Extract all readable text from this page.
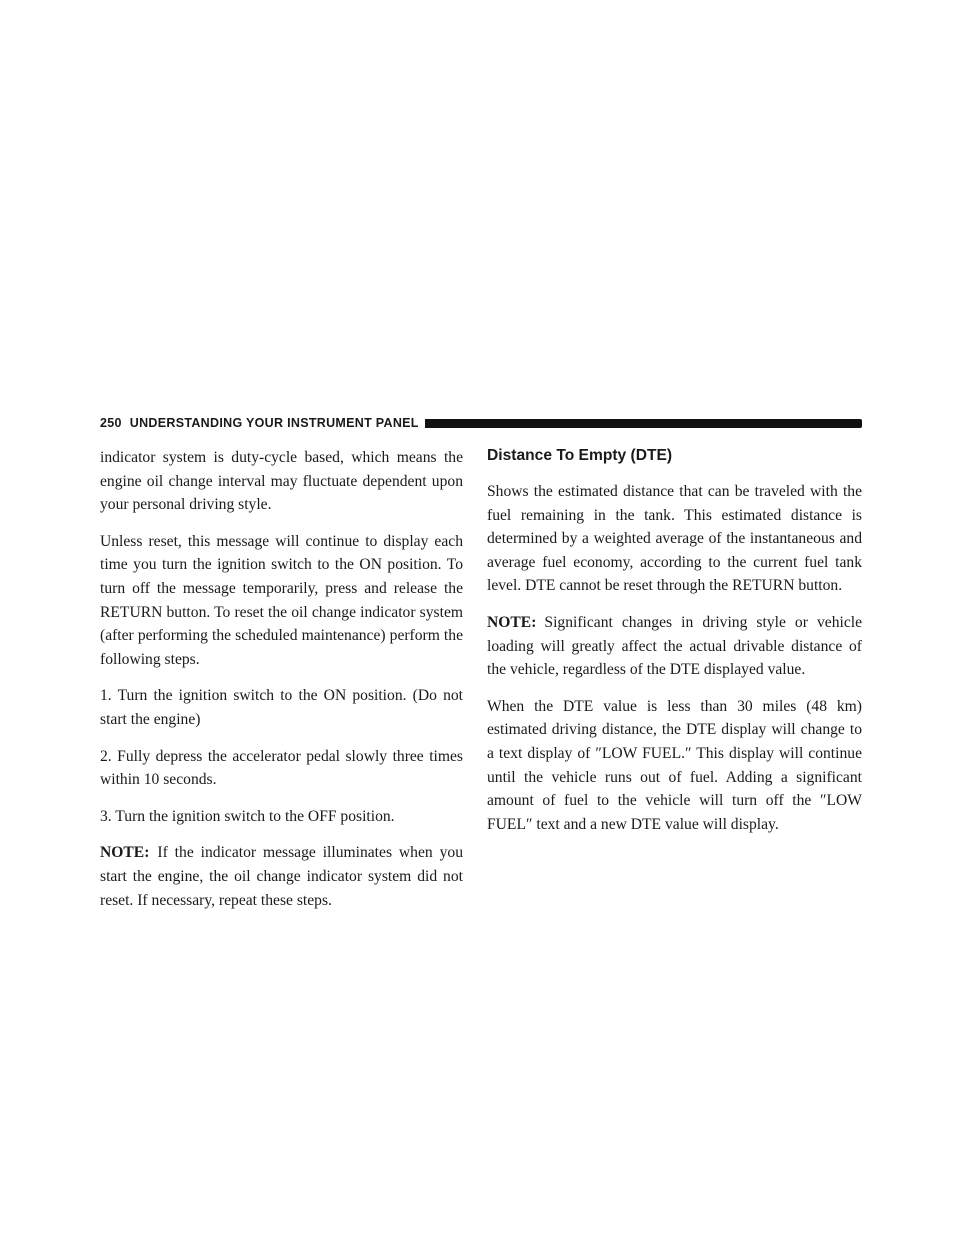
250 UNDERSTANDING YOUR INSTRUMENT PANEL

indicator system is duty-cycle based, which means the engine oil change interval may fluctuate dependent upon your personal driving style.

Unless reset, this message will continue to display each time you turn the ignition switch to the ON position. To turn off the message temporarily, press and release the RETURN button. To reset the oil change indicator system (after performing the scheduled maintenance) perform the following steps.

1. Turn the ignition switch to the ON position. (Do not start the engine)

2. Fully depress the accelerator pedal slowly three times within 10 seconds.

3. Turn the ignition switch to the OFF position.

NOTE: If the indicator message illuminates when you start the engine, the oil change indicator system did not reset. If necessary, repeat these steps.

Distance To Empty (DTE)

Shows the estimated distance that can be traveled with the fuel remaining in the tank. This estimated distance is determined by a weighted average of the instantaneous and average fuel economy, according to the current fuel tank level. DTE cannot be reset through the RETURN button.

NOTE: Significant changes in driving style or vehicle loading will greatly affect the actual drivable distance of the vehicle, regardless of the DTE displayed value.

When the DTE value is less than 30 miles (48 km) estimated driving distance, the DTE display will change to a text display of ″LOW FUEL.″ This display will continue until the vehicle runs out of fuel. Adding a significant amount of fuel to the vehicle will turn off the ″LOW FUEL″ text and a new DTE value will display.
